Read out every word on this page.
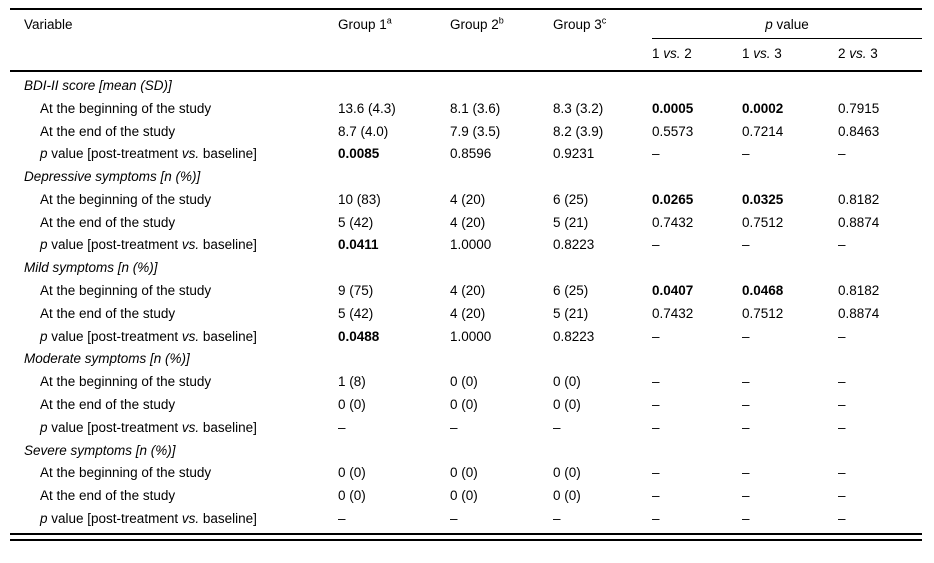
Variable	Group 1$^a$	Group 2$^b$	Group 3$^c$	p value		
				1 vs. 2	1 vs. 3	2 vs. 3
BDI-II score [mean (SD)]						
At the beginning of the study	13.6 (4.3)	8.1 (3.6)	8.3 (3.2)	0.0005	0.0002	0.7915
At the end of the study	8.7 (4.0)	7.9 (3.5)	8.2 (3.9)	0.5573	0.7214	0.8463
p value [post-treatment vs. baseline]	0.0085	0.8596	0.9231	–	–	–
Depressive symptoms [n (%)]						
At the beginning of the study	10 (83)	4 (20)	6 (25)	0.0265	0.0325	0.8182
At the end of the study	5 (42)	4 (20)	5 (21)	0.7432	0.7512	0.8874
p value [post-treatment vs. baseline]	0.0411	1.0000	0.8223	–	–	–
Mild symptoms [n (%)]						
At the beginning of the study	9 (75)	4 (20)	6 (25)	0.0407	0.0468	0.8182
At the end of the study	5 (42)	4 (20)	5 (21)	0.7432	0.7512	0.8874
p value [post-treatment vs. baseline]	0.0488	1.0000	0.8223	–	–	–
Moderate symptoms [n (%)]						
At the beginning of the study	1 (8)	0 (0)	0 (0)	–	–	–
At the end of the study	0 (0)	0 (0)	0 (0)	–	–	–
p value [post-treatment vs. baseline]	–	–	–	–	–	–
Severe symptoms [n (%)]						
At the beginning of the study	0 (0)	0 (0)	0 (0)	–	–	–
At the end of the study	0 (0)	0 (0)	0 (0)	–	–	–
p value [post-treatment vs. baseline]	–	–	–	–	–	–
